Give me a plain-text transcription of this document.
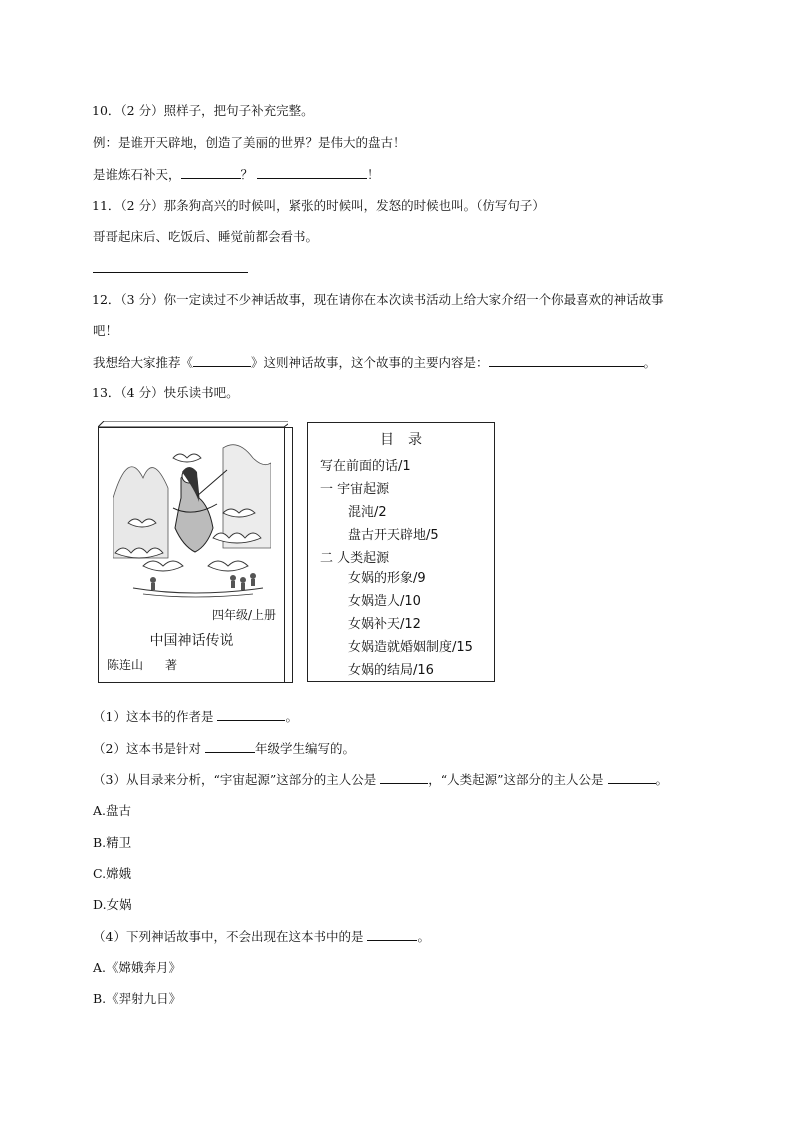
10．（2 分）照样子，把句子补充完整。
例：是谁开天辟地，创造了美丽的世界？是伟大的盘古！
是谁炼石补天，	？	！
11．（2 分）那条狗高兴的时候叫，紧张的时候叫，发怒的时候也叫。（仿写句子）
哥哥起床后、吃饭后、睡觉前都会看书。
12．（3 分）你一定读过不少神话故事，现在请你在本次读书活动上给大家介绍一个你最喜欢的神话故事
吧！
我想给大家推荐《	》这则神话故事，这个故事的主要内容是：	。
13．（4 分）快乐读书吧。
四年级/上册
中国神话传说
陈连山 著
目录
写在前面的话/1
一 宇宙起源
混沌/2
盘古开天辟地/5
二 人类起源
女娲的形象/9
女娲造人/10
女娲补天/12
女娲造就婚姻制度/15
女娲的结局/16
（1）这本书的作者是	。
（2）这本书是针对	年级学生编写的。
（3）从目录来分析，“宇宙起源”这部分的主人公是	，“人类起源”这部分的主人公是	。
A.盘古
B.精卫
C.嫦娥
D.女娲
（4）下列神话故事中，不会出现在这本书中的是	。
A.《嫦娥奔月》
B.《羿射九日》
